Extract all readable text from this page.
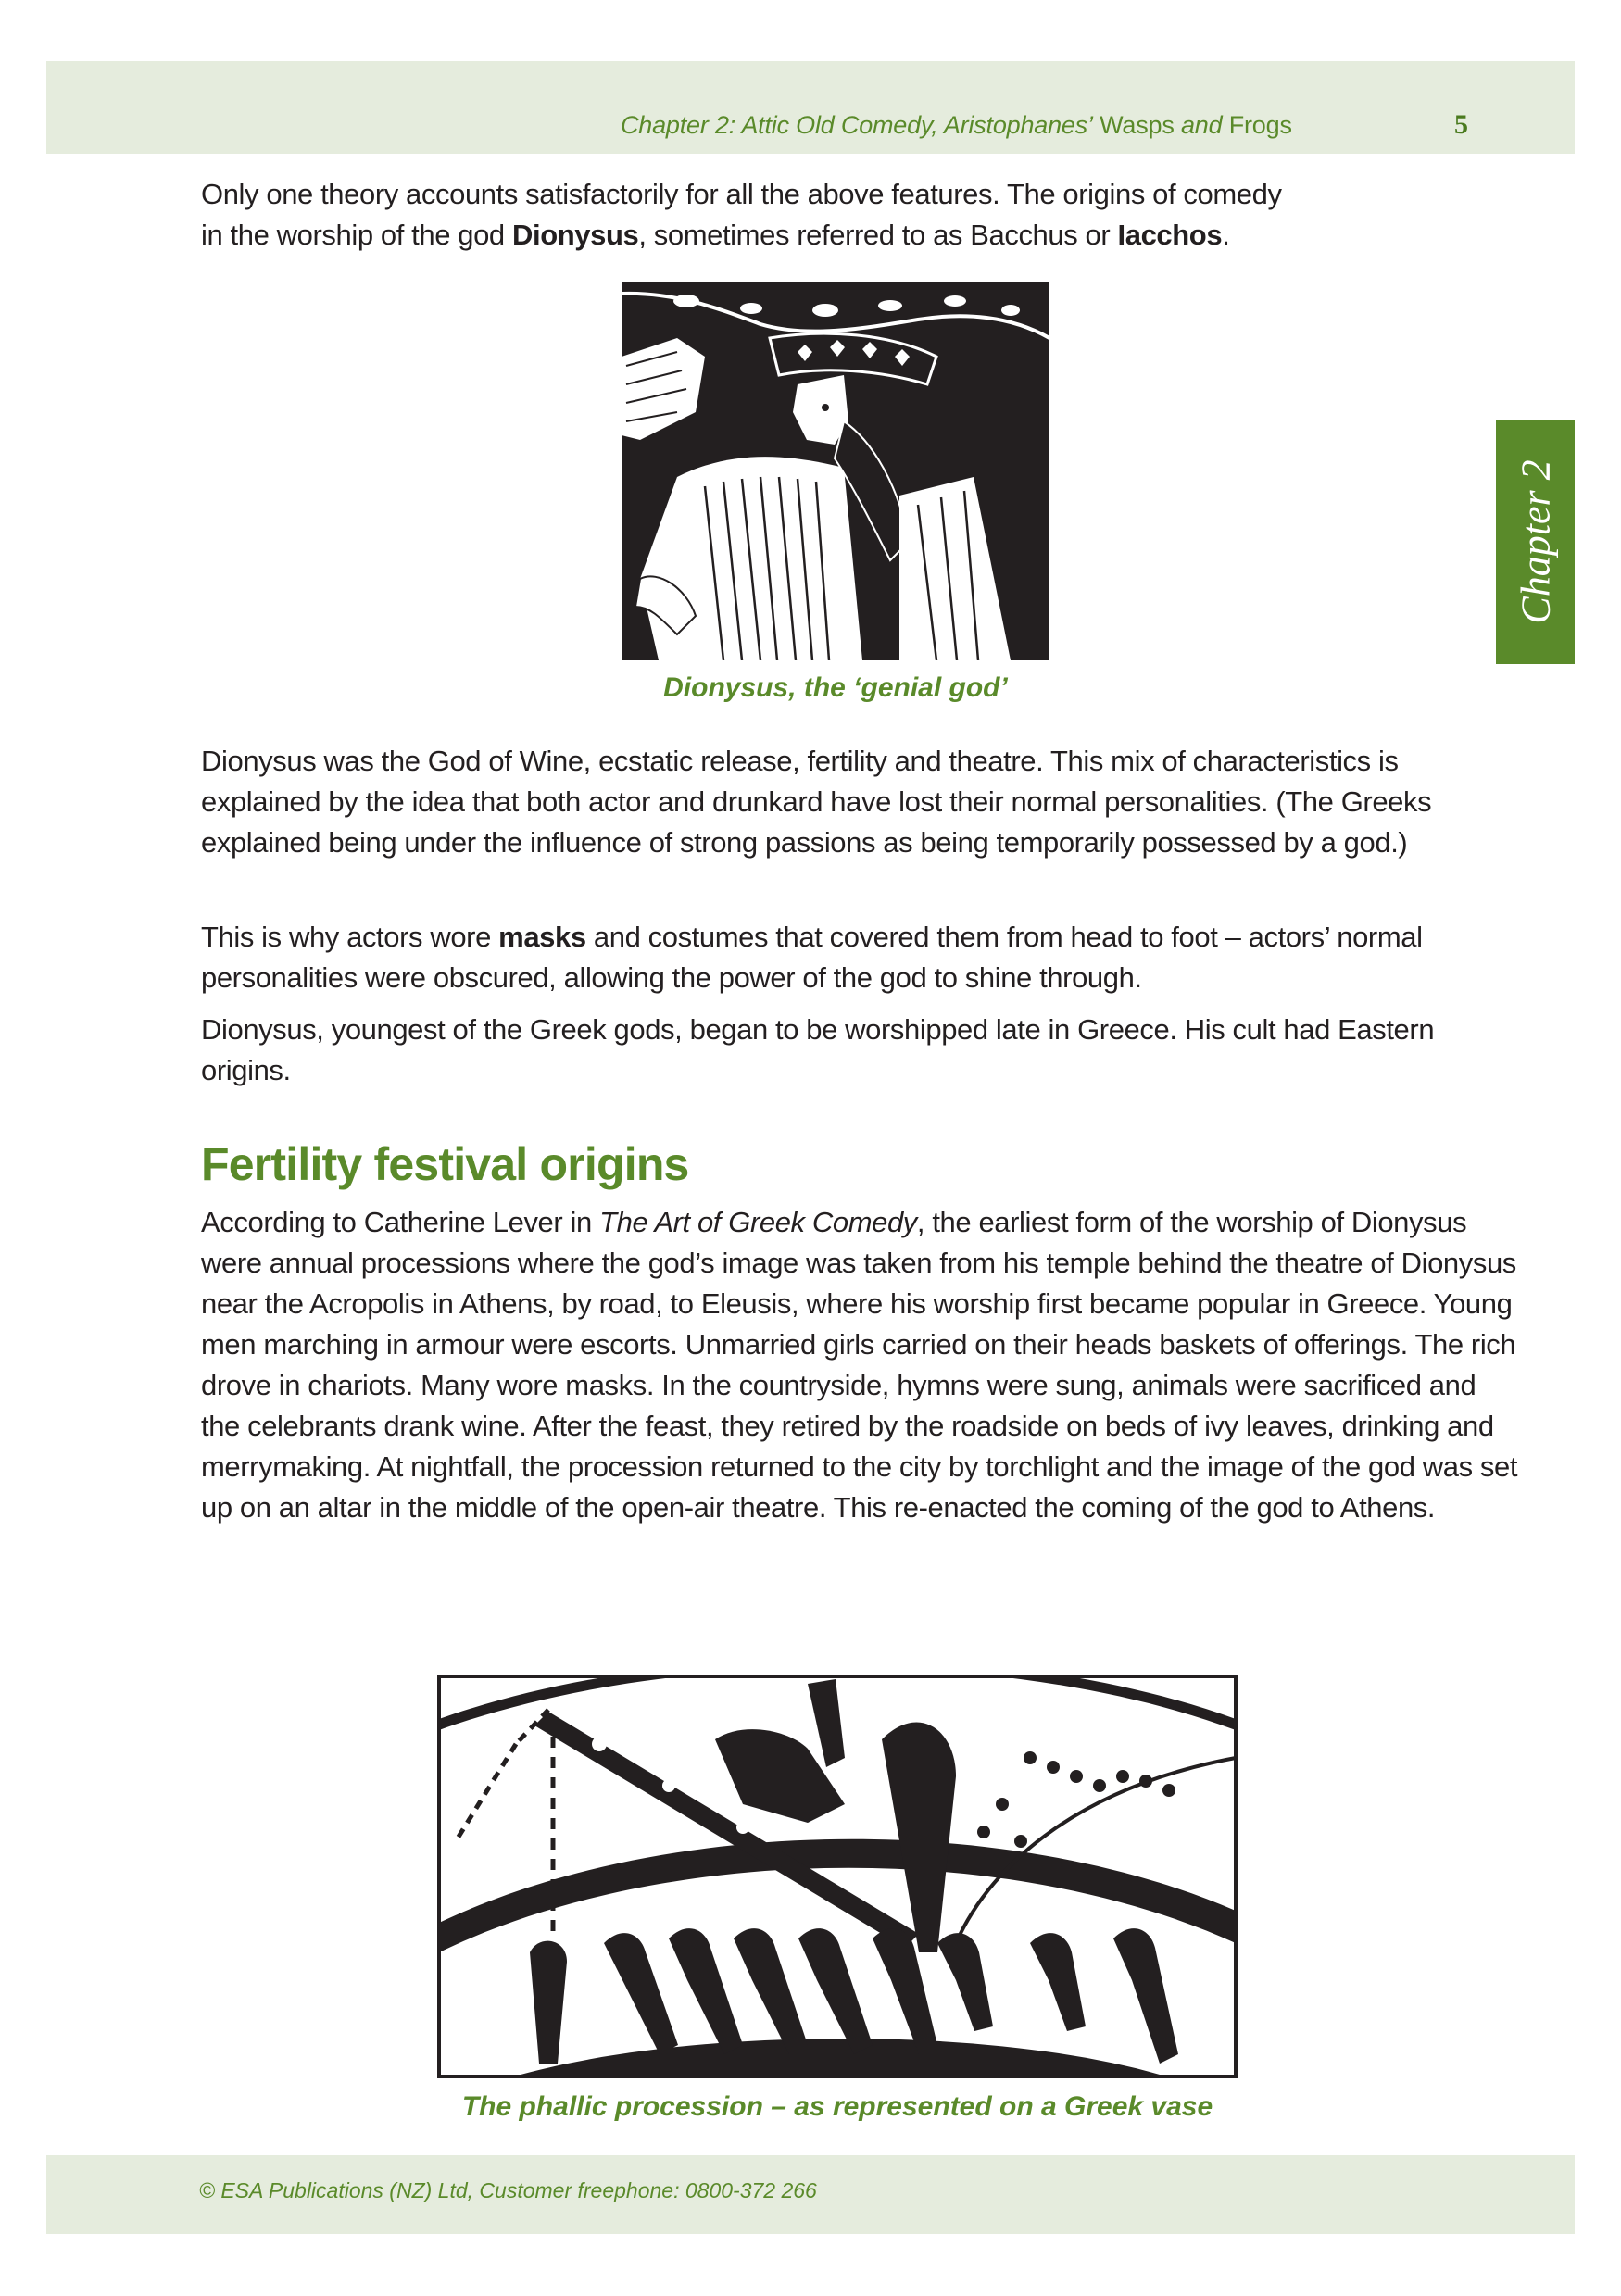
Chapter 2: Attic Old Comedy, Aristophanes’ Wasps and Frogs	5
Chapter 2
Only one theory accounts satisfactorily for all the above features. The origins of comedy
in the worship of the god Dionysus, sometimes referred to as Bacchus or Iacchos.
Dionysus, the ‘genial god’
Dionysus was the God of Wine, ecstatic release, fertility and theatre. This mix of characteristics is explained by the idea that both actor and drunkard have lost their normal personalities. (The Greeks explained being under the influence of strong passions as being temporarily possessed by a god.)
This is why actors wore masks and costumes that covered them from head to foot – actors’ normal personalities were obscured, allowing the power of the god to shine through.
Dionysus, youngest of the Greek gods, began to be worshipped late in Greece. His cult had Eastern origins.
Fertility festival origins
According to Catherine Lever in The Art of Greek Comedy, the earliest form of the worship of Dionysus were annual processions where the god’s image was taken from his temple behind the theatre of Dionysus near the Acropolis in Athens, by road, to Eleusis, where his worship first became popular in Greece. Young men marching in armour were escorts. Unmarried girls carried on their heads baskets of offerings. The rich drove in chariots. Many wore masks. In the countryside, hymns were sung, animals were sacrificed and the celebrants drank wine. After the feast, they retired by the roadside on beds of ivy leaves, drinking and merrymaking. At nightfall, the procession returned to the city by torchlight and the image of the god was set up on an altar in the middle of the open-air theatre. This re-enacted the coming of the god to Athens.
The phallic procession – as represented on a Greek vase
© ESA Publications (NZ) Ltd, Customer freephone: 0800-372 266
